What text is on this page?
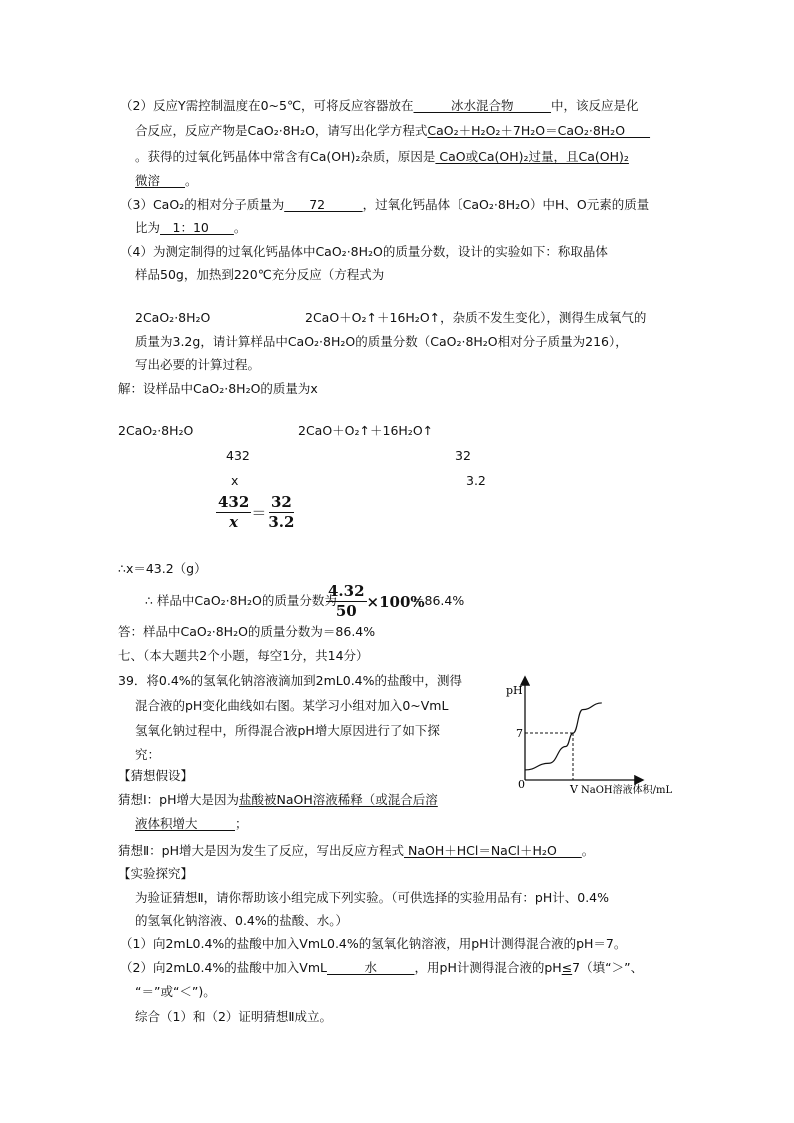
（2）反应Y需控制温度在0~5℃，可将反应容器放在　　　冰水混合物　　　中，该反应是化
合反应，反应产物是CaO₂·8H₂O，请写出化学方程式CaO₂＋H₂O₂＋7H₂O＝CaO₂·8H₂O　　
。获得的过氧化钙晶体中常含有Ca(OH)₂杂质，原因是 CaO或Ca(OH)₂过量，且Ca(OH)₂
微溶　　。
（3）CaO₂的相对分子质量为　　72　　　，过氧化钙晶体〔CaO₂·8H₂O）中H、O元素的质量
比为　1：10　　。
（4）为测定制得的过氧化钙晶体中CaO₂·8H₂O的质量分数，设计的实验如下：称取晶体
样品50g，加热到220℃充分反应（方程式为
2CaO₂·8H₂O	2CaO＋O₂↑＋16H₂O↑，杂质不发生变化），测得生成氧气的
质量为3.2g，请计算样品中CaO₂·8H₂O的质量分数（CaO₂·8H₂O相对分子质量为216），
写出必要的计算过程。
解：设样品中CaO₂·8H₂O的质量为x
2CaO₂·8H₂O	2CaO＋O₂↑＋16H₂O↑
432	32
x	3.2
∴x＝43.2（g）
∴ 样品中CaO₂·8H₂O的质量分数为	＝86.4%
答：样品中CaO₂·8H₂O的质量分数为＝86.4%
七、（本大题共2个小题，每空1分，共14分）
39．将0.4%的氢氧化钠溶液滴加到2mL0.4%的盐酸中，测得
混合液的pH变化曲线如右图。某学习小组对加入0~VmL
氢氧化钠过程中，所得混合液pH增大原因进行了如下探
究：
【猜想假设】
猜想Ⅰ：pH增大是因为盐酸被NaOH溶液稀释（或混合后溶
液体积增大　　　；
猜想Ⅱ：pH增大是因为发生了反应，写出反应方程式 NaOH＋HCl＝NaCl＋H₂O　　。
【实验探究】
为验证猜想Ⅱ，请你帮助该小组完成下列实验。（可供选择的实验用品有：pH计、0.4%
的氢氧化钠溶液、0.4%的盐酸、水。）
（1）向2mL0.4%的盐酸中加入VmL0.4%的氢氧化钠溶液，用pH计测得混合液的pH＝7。
（2）向2mL0.4%的盐酸中加入VmL　　　水　　　，用pH计测得混合液的pH≤7（填“＞”、
“＝”或“＜”)。
综合（1）和（2）证明猜想Ⅱ成立。
$\frac{432}{x} = \frac{32}{3.2}$
$\frac{4.32}{50} \times 100\%$
pH
7
0	V NaOH溶液体积/mL
